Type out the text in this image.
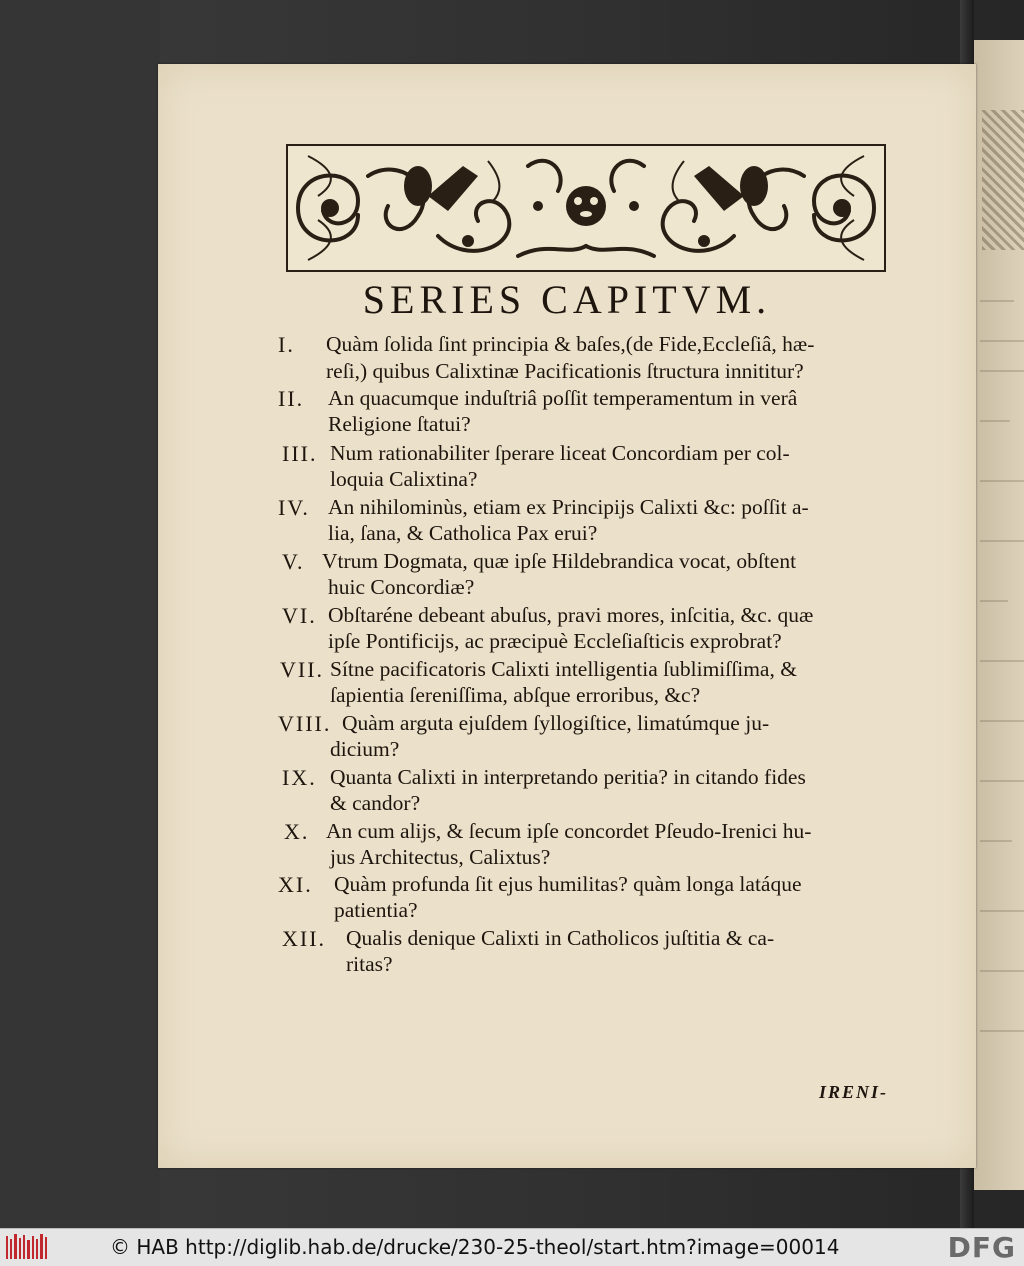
SERIES CAPITVM.
I. Quàm ſolida ſint principia & baſes,(de Fide,Eccleſiâ, hæ-
reſi,) quibus Calixtinæ Pacificationis ſtructura innititur?
II. An quacumque induſtriâ poſſit temperamentum in verâ
Religione ſtatui?
III. Num rationabiliter ſperare liceat Concordiam per col-
loquia Calixtina?
IV. An nihilominùs, etiam ex Principijs Calixti &c: poſſit a-
lia, ſana, & Catholica Pax erui?
V. Vtrum Dogmata, quæ ipſe Hildebrandica vocat, obſtent
huic Concordiæ?
VI. Obſtaréne debeant abuſus, pravi mores, inſcitia, &c. quæ
ipſe Pontificijs, ac præcipuè Eccleſiaſticis exprobrat?
VII. Sítne pacificatoris Calixti intelligentia ſublimiſſima, &
ſapientia ſereniſſima, abſque erroribus, &c?
VIII. Quàm arguta ejuſdem ſyllogiſtice, limatúmque ju-
dicium?
IX. Quanta Calixti in interpretando peritia? in citando fides
& candor?
X. An cum alijs, & ſecum ipſe concordet Pſeudo-Irenici hu-
jus Architectus, Calixtus?
XI. Quàm profunda ſit ejus humilitas? quàm longa latáque
patientia?
XII. Qualis denique Calixti in Catholicos juſtitia & ca-
ritas?
IRENI-
© HAB http://diglib.hab.de/drucke/230-25-theol/start.htm?image=00014	DFG
